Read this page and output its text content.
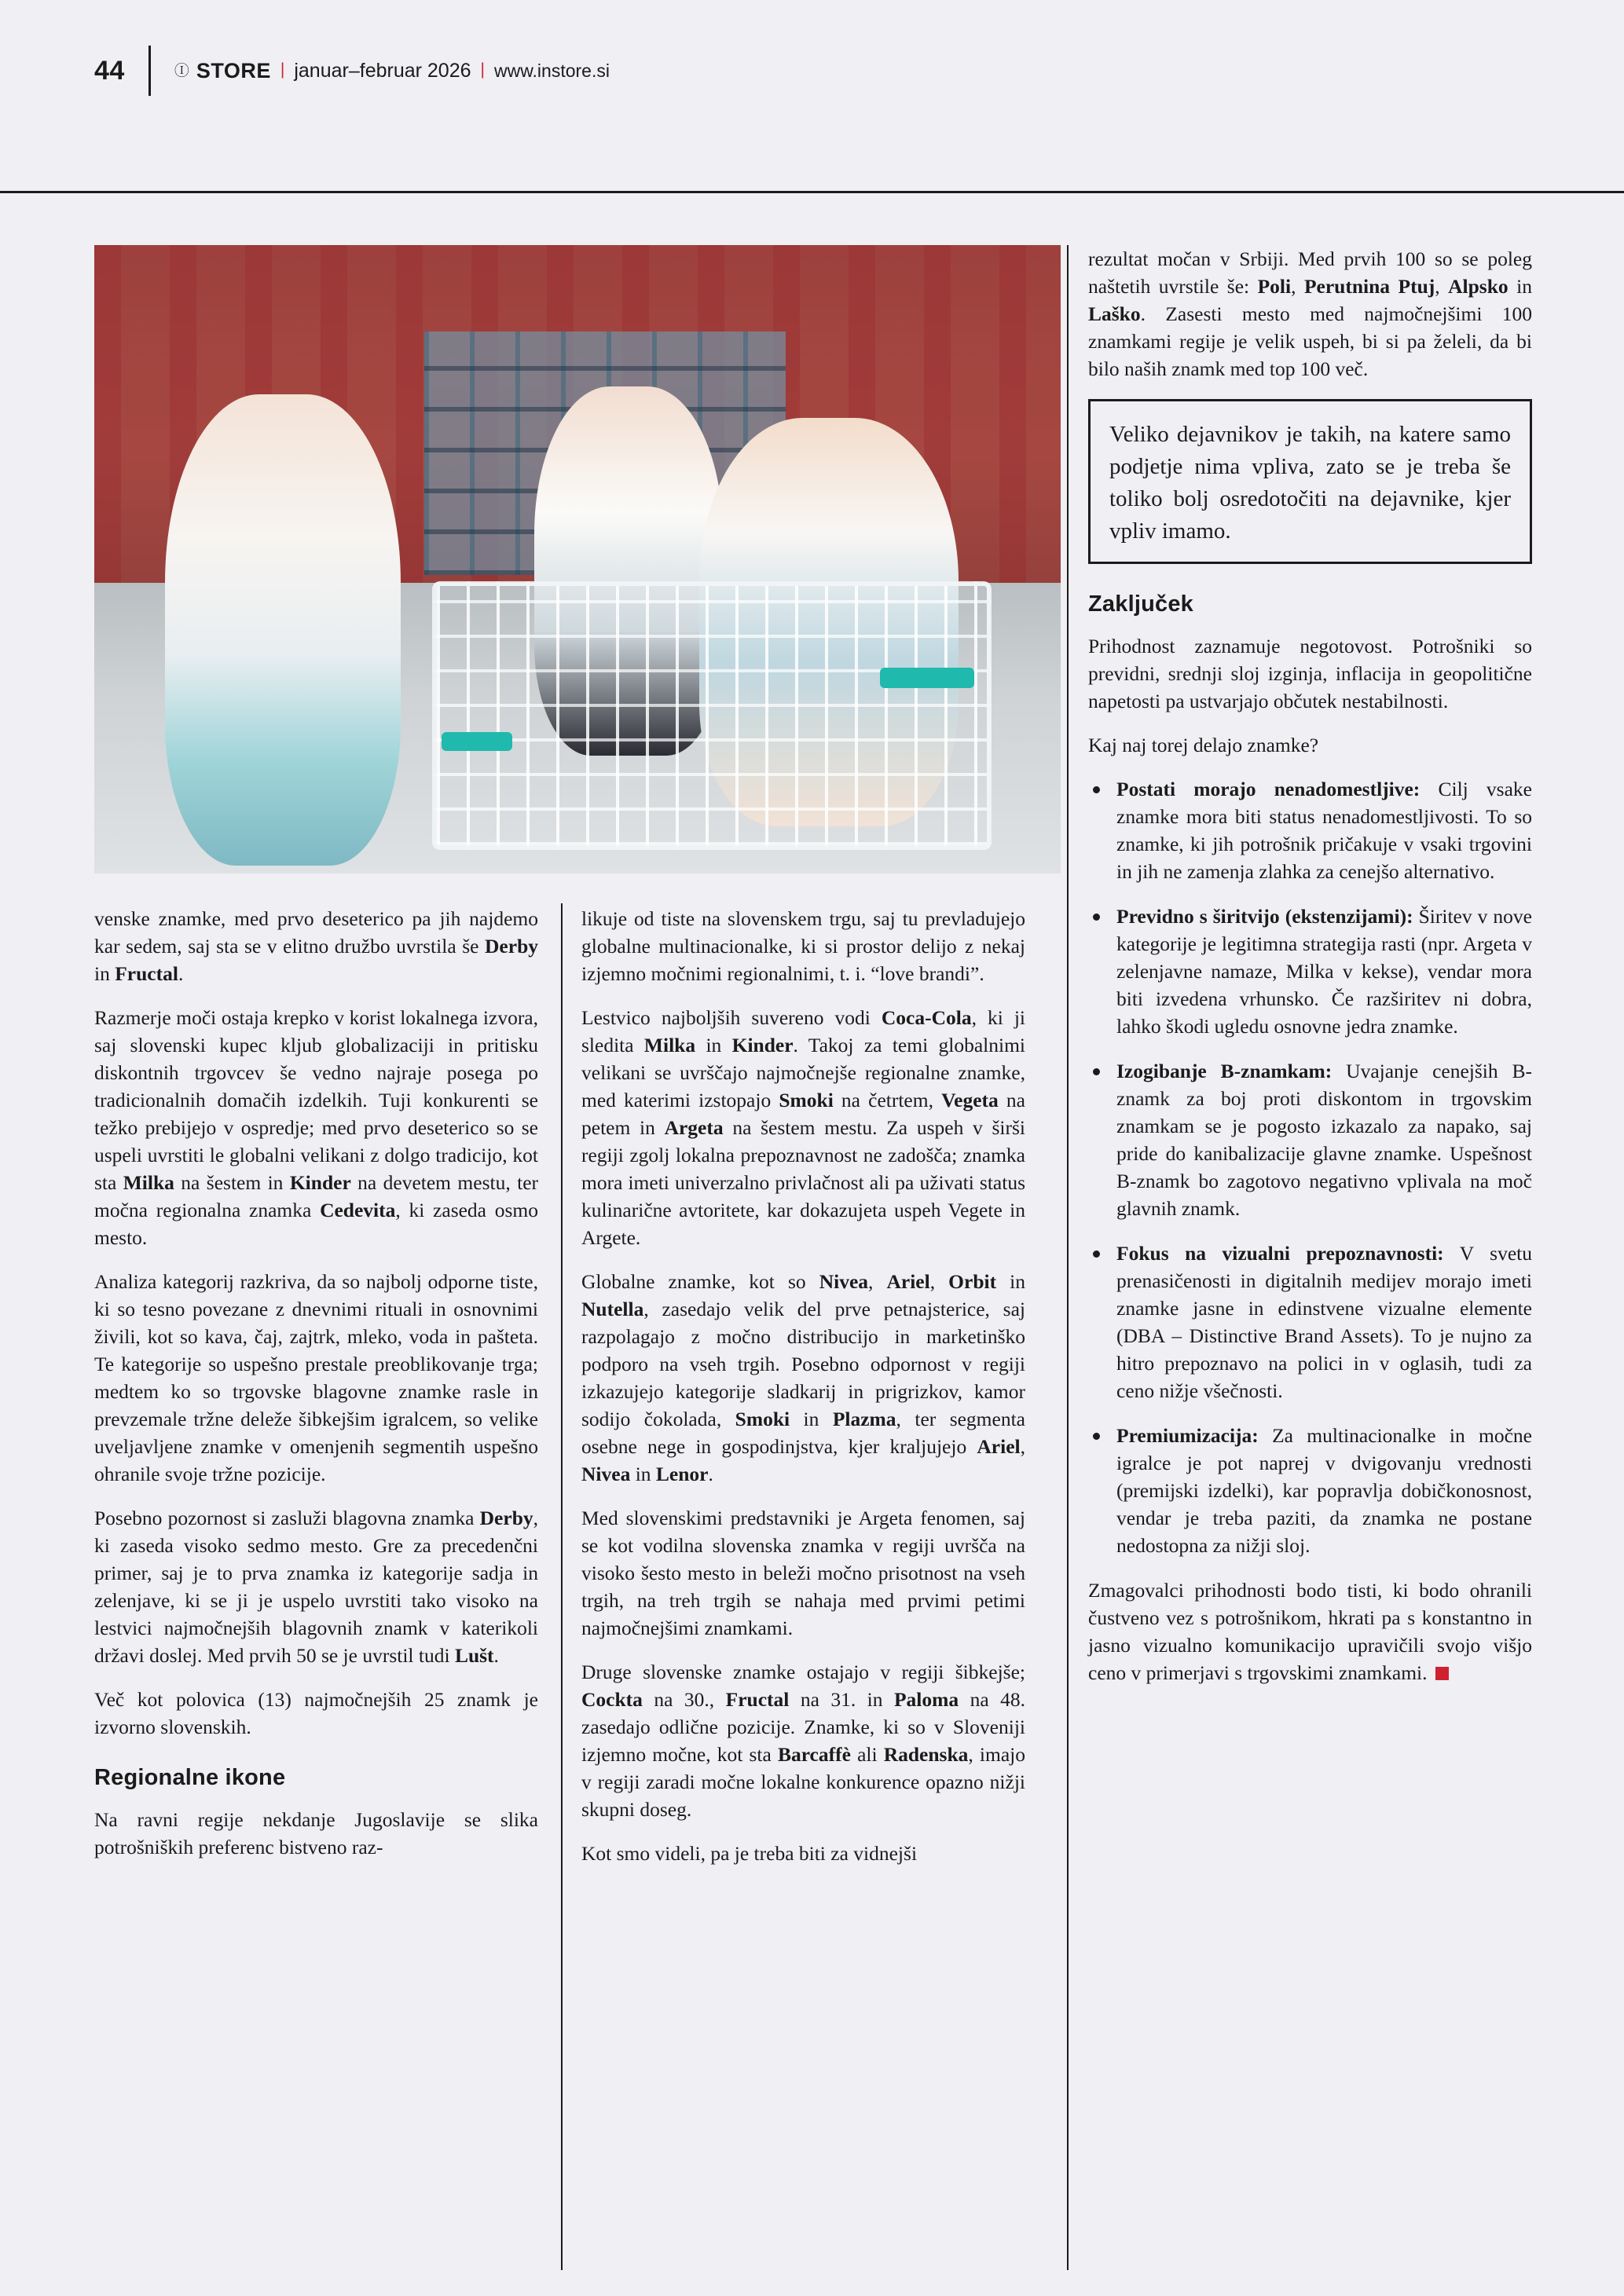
44	Ⓘ STORE | januar–februar 2026 | www.instore.si

venske znamke, med prvo deseterico pa jih najdemo kar sedem, saj sta se v elitno družbo uvrstila še Derby in Fructal.

Razmerje moči ostaja krepko v korist lokalnega izvora, saj slovenski kupec kljub globalizaciji in pritisku diskontnih trgovcev še vedno najraje posega po tradicionalnih domačih izdelkih. Tuji konkurenti se težko prebijejo v ospredje; med prvo deseterico so se uspeli uvrstiti le globalni velikani z dolgo tradicijo, kot sta Milka na šestem in Kinder na devetem mestu, ter močna regionalna znamka Cedevita, ki zaseda osmo mesto.

Analiza kategorij razkriva, da so najbolj odporne tiste, ki so tesno povezane z dnevnimi rituali in osnovnimi živili, kot so kava, čaj, zajtrk, mleko, voda in pašteta. Te kategorije so uspešno prestale preoblikovanje trga; medtem ko so trgovske blagovne znamke rasle in prevzemale tržne deleže šibkejšim igralcem, so velike uveljavljene znamke v omenjenih segmentih uspešno ohranile svoje tržne pozicije.

Posebno pozornost si zasluži blagovna znamka Derby, ki zaseda visoko sedmo mesto. Gre za precedenčni primer, saj je to prva znamka iz kategorije sadja in zelenjave, ki se ji je uspelo uvrstiti tako visoko na lestvici najmočnejših blagovnih znamk v katerikoli državi doslej. Med prvih 50 se je uvrstil tudi Lušt.

Več kot polovica (13) najmočnejših 25 znamk je izvorno slovenskih.

Regionalne ikone

Na ravni regije nekdanje Jugoslavije se slika potrošniških preferenc bistveno raz-

likuje od tiste na slovenskem trgu, saj tu prevladujejo globalne multinacionalke, ki si prostor delijo z nekaj izjemno močnimi regionalnimi, t. i. “love brandi”.

Lestvico najboljših suvereno vodi Coca-Cola, ki ji sledita Milka in Kinder. Takoj za temi globalnimi velikani se uvrščajo najmočnejše regionalne znamke, med katerimi izstopajo Smoki na četrtem, Vegeta na petem in Argeta na šestem mestu. Za uspeh v širši regiji zgolj lokalna prepoznavnost ne zadošča; znamka mora imeti univerzalno privlačnost ali pa uživati status kulinarične avtoritete, kar dokazujeta uspeh Vegete in Argete.

Globalne znamke, kot so Nivea, Ariel, Orbit in Nutella, zasedajo velik del prve petnajsterice, saj razpolagajo z močno distribucijo in marketinško podporo na vseh trgih. Posebno odpornost v regiji izkazujejo kategorije sladkarij in prigrizkov, kamor sodijo čokolada, Smoki in Plazma, ter segmenta osebne nege in gospodinjstva, kjer kraljujejo Ariel, Nivea in Lenor.

Med slovenskimi predstavniki je Argeta fenomen, saj se kot vodilna slovenska znamka v regiji uvršča na visoko šesto mesto in beleži močno prisotnost na vseh trgih, na treh trgih se nahaja med prvimi petimi najmočnejšimi znamkami.

Druge slovenske znamke ostajajo v regiji šibkejše; Cockta na 30., Fructal na 31. in Paloma na 48. zasedajo odlične pozicije. Znamke, ki so v Sloveniji izjemno močne, kot sta Barcaffè ali Radenska, imajo v regiji zaradi močne lokalne konkurence opazno nižji skupni doseg.

Kot smo videli, pa je treba biti za vidnejši

rezultat močan v Srbiji. Med prvih 100 so se poleg naštetih uvrstile še: Poli, Perutnina Ptuj, Alpsko in Laško. Zasesti mesto med najmočnejšimi 100 znamkami regije je velik uspeh, bi si pa želeli, da bi bilo naših znamk med top 100 več.

Veliko dejavnikov je takih, na katere samo podjetje nima vpliva, zato se je treba še toliko bolj osredotočiti na dejavnike, kjer vpliv imamo.
Zaključek

Prihodnost zaznamuje negotovost. Potrošniki so previdni, srednji sloj izginja, inflacija in geopolitične napetosti pa ustvarjajo občutek nestabilnosti.

Kaj naj torej delajo znamke?

Postati morajo nenadomestljive: Cilj vsake znamke mora biti status nenadomestljivosti. To so znamke, ki jih potrošnik pričakuje v vsaki trgovini in jih ne zamenja zlahka za cenejšo alternativo.
Previdno s širitvijo (ekstenzijami): Širitev v nove kategorije je legitimna strategija rasti (npr. Argeta v zelenjavne namaze, Milka v kekse), vendar mora biti izvedena vrhunsko. Če razširitev ni dobra, lahko škodi ugledu osnovne jedra znamke.
Izogibanje B-znamkam: Uvajanje cenejših B-znamk za boj proti diskontom in trgovskim znamkam se je pogosto izkazalo za napako, saj pride do kanibalizacije glavne znamke. Uspešnost B-znamk bo zagotovo negativno vplivala na moč glavnih znamk.
Fokus na vizualni prepoznavnosti: V svetu prenasičenosti in digitalnih medijev morajo imeti znamke jasne in edinstvene vizualne elemente (DBA – Distinctive Brand Assets). To je nujno za hitro prepoznavo na polici in v oglasih, tudi za ceno nižje všečnosti.
Premiumizacija: Za multinacionalke in močne igralce je pot naprej v dvigovanju vrednosti (premijski izdelki), kar popravlja dobičkonosnost, vendar je treba paziti, da znamka ne postane nedostopna za nižji sloj.

Zmagovalci prihodnosti bodo tisti, ki bodo ohranili čustveno vez s potrošnikom, hkrati pa s konstantno in jasno vizualno komunikacijo upravičili svojo višjo ceno v primerjavi s trgovskimi znamkami.
